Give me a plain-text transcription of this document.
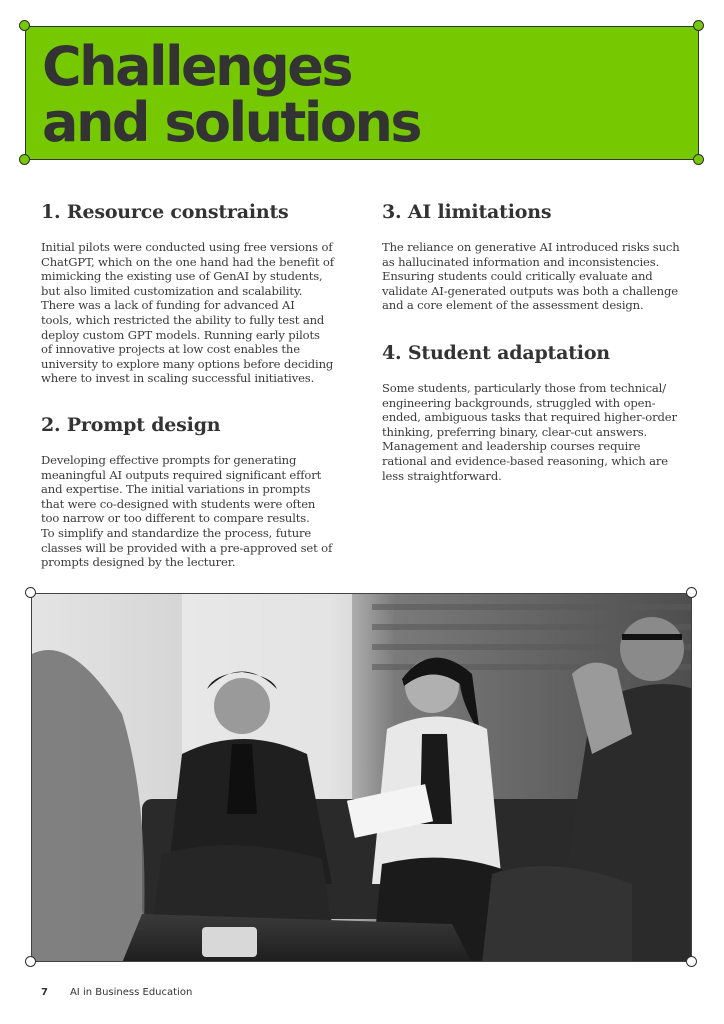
Challenges
and solutions
1. Resource constraints

Initial pilots were conducted using free versions of
ChatGPT, which on the one hand had the benefit of
mimicking the existing use of GenAI by students,
but also limited customization and scalability.
There was a lack of funding for advanced AI
tools, which restricted the ability to fully test and
deploy custom GPT models. Running early pilots
of innovative projects at low cost enables the
university to explore many options before deciding
where to invest in scaling successful initiatives.

2. Prompt design

Developing effective prompts for generating
meaningful AI outputs required significant effort
and expertise. The initial variations in prompts
that were co-designed with students were often
too narrow or too different to compare results.
To simplify and standardize the process, future
classes will be provided with a pre-approved set of
prompts designed by the lecturer.

3. AI limitations

The reliance on generative AI introduced risks such
as hallucinated information and inconsistencies.
Ensuring students could critically evaluate and
validate AI-generated outputs was both a challenge
and a core element of the assessment design.

4. Student adaptation

Some students, particularly those from technical/
engineering backgrounds, struggled with open-
ended, ambiguous tasks that required higher-order
thinking, preferring binary, clear-cut answers.
Management and leadership courses require
rational and evidence-based reasoning, which are
less straightforward.

7 AI in Business Education
